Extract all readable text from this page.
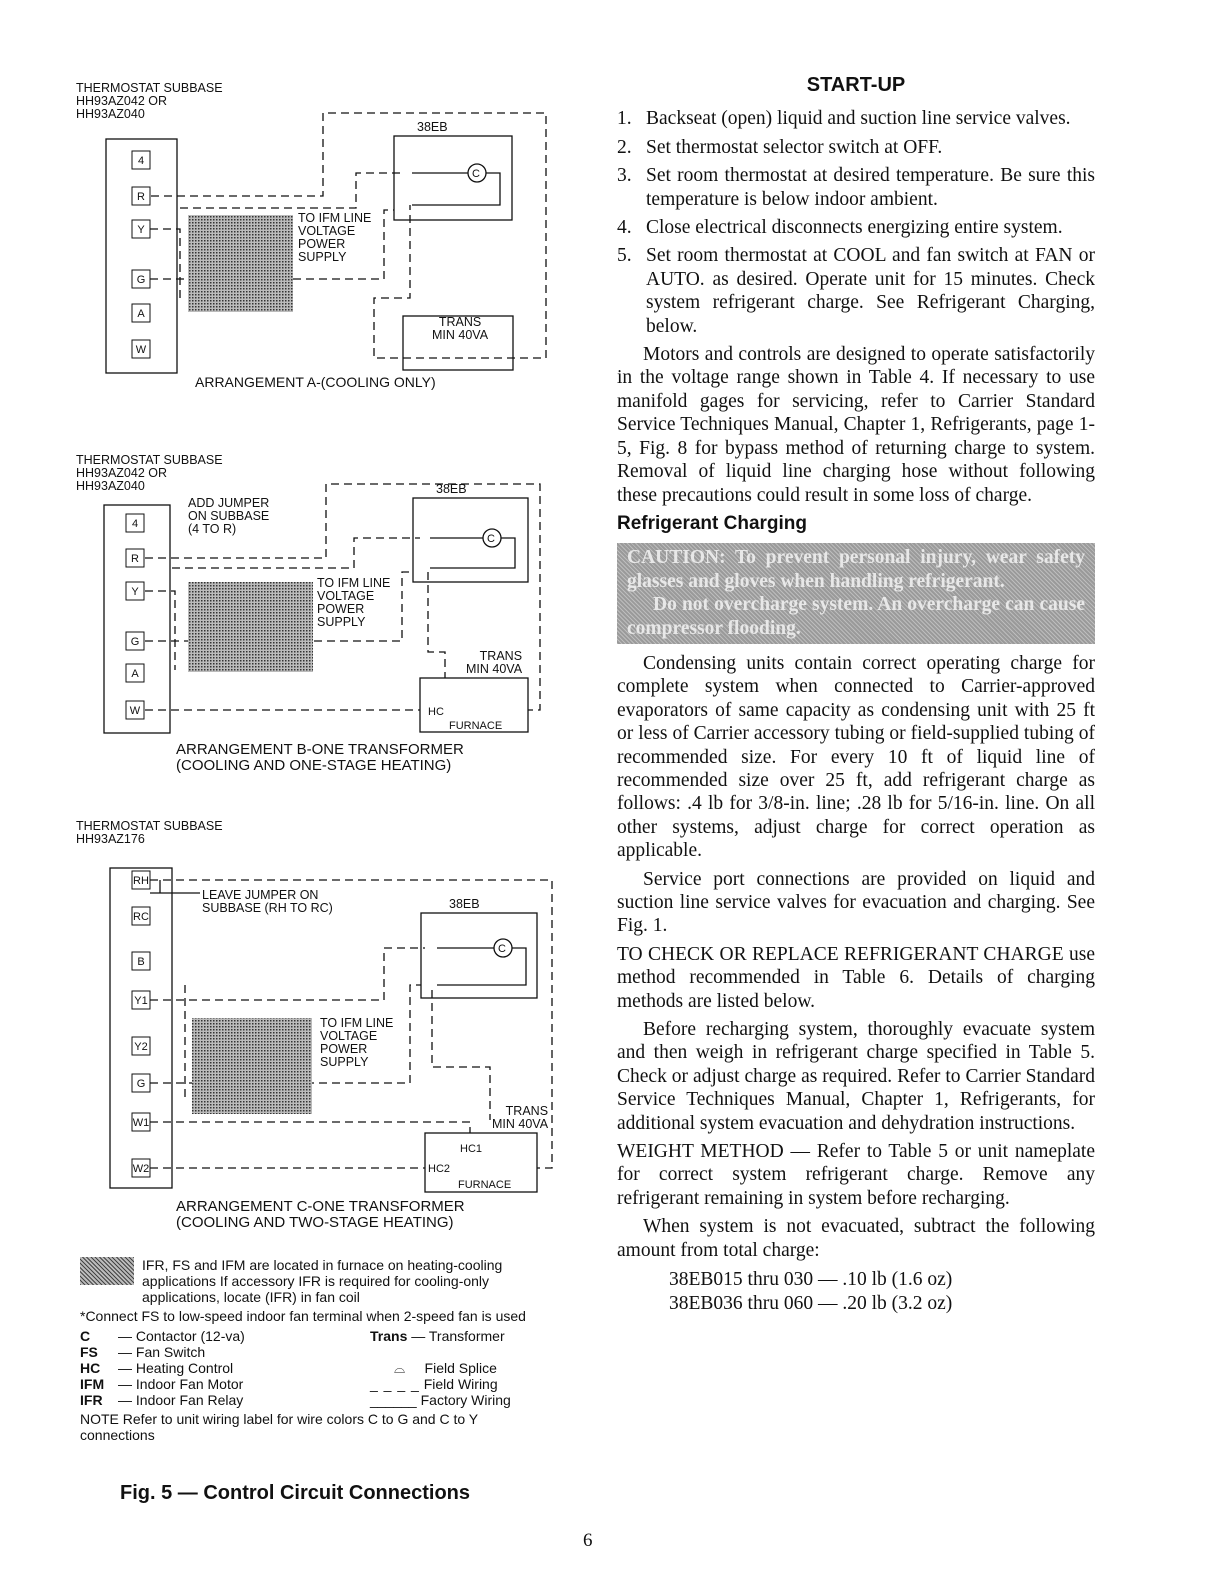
4
R
Y
G
A
W
4
R
Y
G
A
W
RH
RC
B
Y1
Y2
G
W1
W2
38EB
C
38EB
C
38EB
C
HC
FURNACE
HC1
HC2
FURNACE
THERMOSTAT SUBBASE
HH93AZ042 OR
HH93AZ040
TO IFM LINE
VOLTAGE
POWER
SUPPLY
TRANS
MIN 40VA
ARRANGEMENT A-(COOLING ONLY)
THERMOSTAT SUBBASE
HH93AZ042 OR
HH93AZ040
ADD JUMPER
ON SUBBASE
(4 TO R)
TO IFM LINE
VOLTAGE
POWER
SUPPLY
TRANS
MIN 40VA
ARRANGEMENT B-ONE TRANSFORMER
(COOLING AND ONE-STAGE HEATING)
THERMOSTAT SUBBASE
HH93AZ176
LEAVE JUMPER ON
SUBBASE (RH TO RC)
TO IFM LINE
VOLTAGE
POWER
SUPPLY
TRANS
MIN 40VA
ARRANGEMENT C-ONE TRANSFORMER
(COOLING AND TWO-STAGE HEATING)
IFR, FS and IFM are located in furnace on heating-cooling applications If accessory IFR is required for cooling-only applications, locate (IFR) in fan coil
*Connect FS to low-speed indoor fan terminal when 2-speed fan is used
C	— Contactor (12-va)
FS	— Fan Switch
HC	— Heating Control
IFM — Indoor Fan Motor
IFR	— Indoor Fan Relay
Trans — Transformer
⌓ Field Splice
_ _ _ _ Field Wiring
______ Factory Wiring
NOTE Refer to unit wiring label for wire colors C to G and C to Y connections
Fig. 5 — Control Circuit Connections
START-UP
1. Backseat (open) liquid and suction line service valves.
2. Set thermostat selector switch at OFF.
3. Set room thermostat at desired temperature. Be sure this temperature is below indoor ambient.
4. Close electrical disconnects energizing entire system.
5. Set room thermostat at COOL and fan switch at FAN or AUTO. as desired. Operate unit for 15 minutes. Check system refrigerant charge. See Refrigerant Charging, below.

Motors and controls are designed to operate satisfactorily in the voltage range shown in Table 4. If necessary to use manifold gages for servicing, refer to Carrier Standard Service Techniques Manual, Chapter 1, Refrigerants, page 1-5, Fig. 8 for bypass method of returning charge to system. Removal of liquid line charging hose without following these precautions could result in some loss of charge.

Refrigerant Charging
CAUTION: To prevent personal injury, wear safety glasses and gloves when handling refrigerant.
Do not overcharge system. An overcharge can cause compressor flooding.

Condensing units contain correct operating charge for complete system when connected to Carrier-approved evaporators of same capacity as condensing unit with 25 ft or less of Carrier accessory tubing or field-supplied tubing of recommended size. For every 10 ft of liquid line of recommended size over 25 ft, add refrigerant charge as follows: .4 lb for 3/8-in. line; .28 lb for 5/16-in. line. On all other systems, adjust charge for correct operation as applicable.

Service port connections are provided on liquid and suction line service valves for evacuation and charging. See Fig. 1.

TO CHECK OR REPLACE REFRIGERANT CHARGE use method recommended in Table 6. Details of charging methods are listed below.

Before recharging system, thoroughly evacuate system and then weigh in refrigerant charge specified in Table 5. Check or adjust charge as required. Refer to Carrier Standard Service Techniques Manual, Chapter 1, Refrigerants, for additional system evacuation and dehydration instructions.

WEIGHT METHOD — Refer to Table 5 or unit nameplate for correct system refrigerant charge. Remove any refrigerant remaining in system before recharging.

When system is not evacuated, subtract the following amount from total charge:

38EB015 thru 030 — .10 lb (1.6 oz)
38EB036 thru 060 — .20 lb (3.2 oz)
6
